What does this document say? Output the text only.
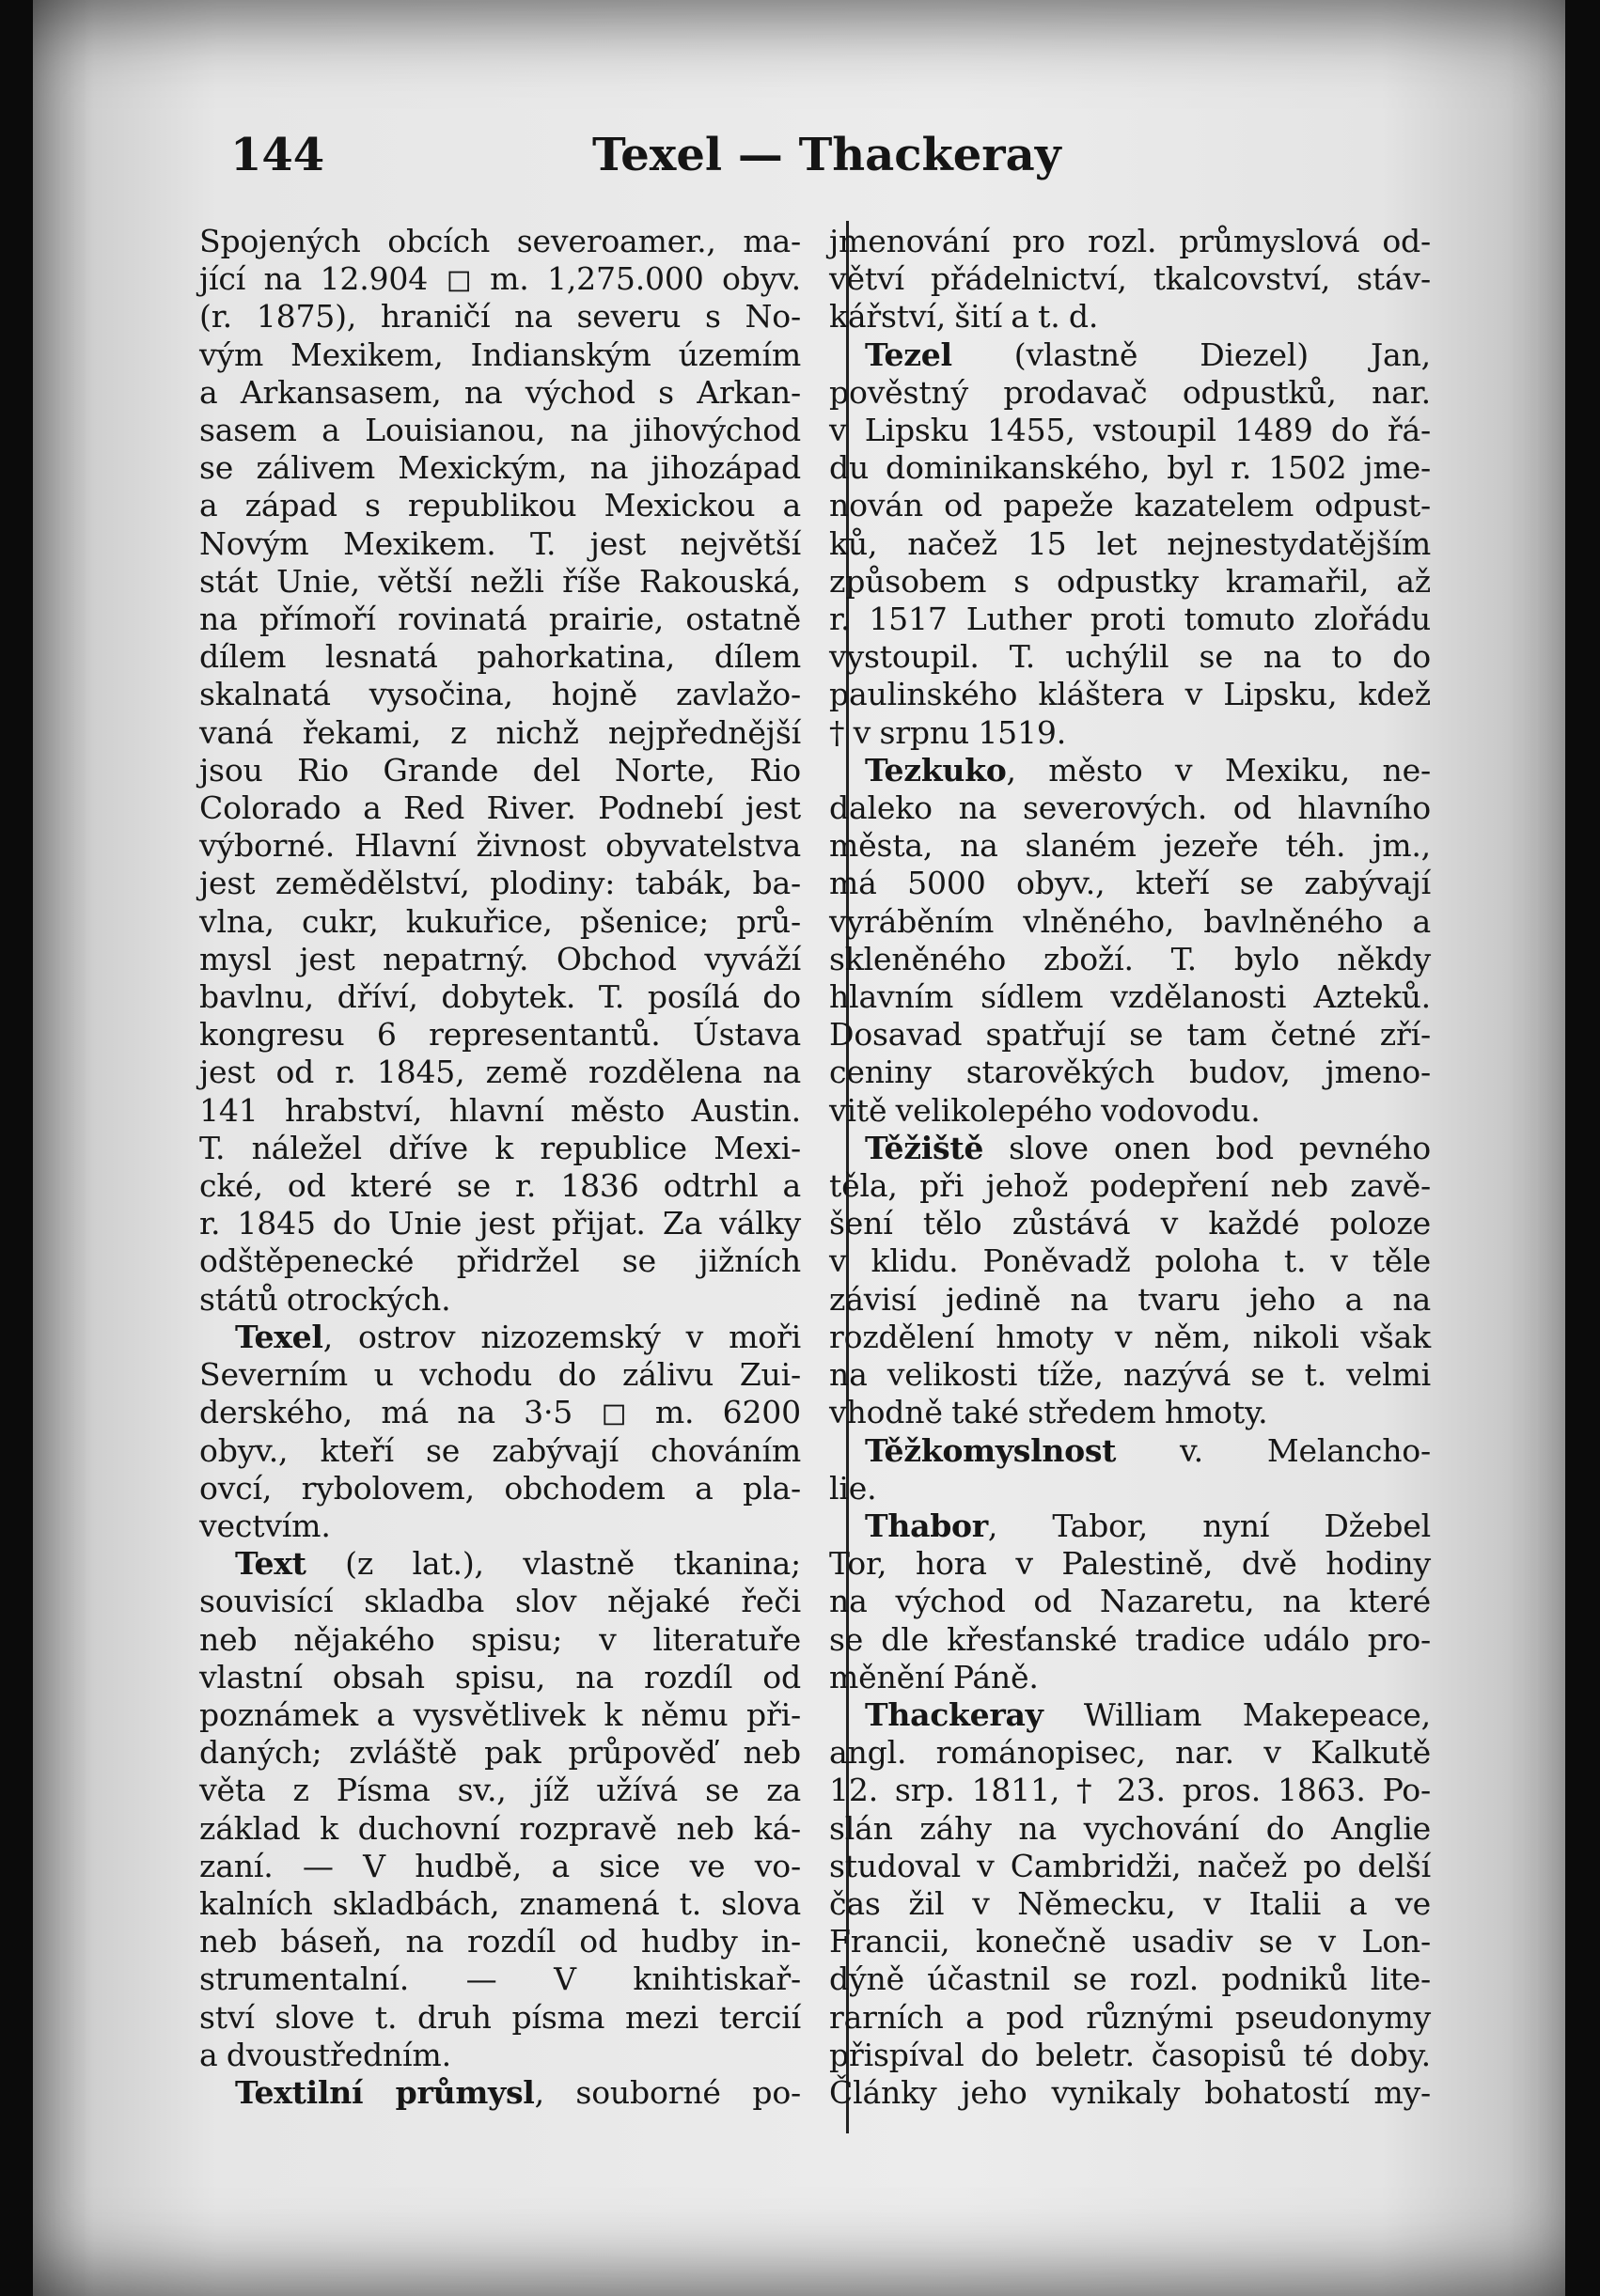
144	Texel — Thackeray
Spojených obcích severoamer., ma-
jící na 12.904 ◻ m. 1,275.000 obyv.
(r. 1875), hraničí na severu s No-
vým Mexikem, Indianským územím
a Arkansasem, na východ s Arkan-
sasem a Louisianou, na jihovýchod
se zálivem Mexickým, na jihozápad
a západ s republikou Mexickou a
Novým Mexikem. T. jest největší
stát Unie, větší nežli říše Rakouská,
na přímoří rovinatá prairie, ostatně
dílem lesnatá pahorkatina, dílem
skalnatá vysočina, hojně zavlažo-
vaná řekami, z nichž nejpřednější
jsou Rio Grande del Norte, Rio
Colorado a Red River. Podnebí jest
výborné. Hlavní živnost obyvatelstva
jest zemědělství, plodiny: tabák, ba-
vlna, cukr, kukuřice, pšenice; prů-
mysl jest nepatrný. Obchod vyváží
bavlnu, dříví, dobytek. T. posílá do
kongresu 6 representantů. Ústava
jest od r. 1845, země rozdělena na
141 hrabství, hlavní město Austin.
T. náležel dříve k republice Mexi-
cké, od které se r. 1836 odtrhl a
r. 1845 do Unie jest přijat. Za války
odštěpenecké přidržel se jižních
států otrockých.
Texel, ostrov nizozemský v moři
Severním u vchodu do zálivu Zui-
derského, má na 3·5 ◻ m. 6200
obyv., kteří se zabývají chováním
ovcí, rybolovem, obchodem a pla-
vectvím.
Text (z lat.), vlastně tkanina;
souvisící skladba slov nějaké řeči
neb nějakého spisu; v literatuře
vlastní obsah spisu, na rozdíl od
poznámek a vysvětlivek k němu při-
daných; zvláště pak průpověď neb
věta z Písma sv., jíž užívá se za
základ k duchovní rozpravě neb ká-
zaní. — V hudbě, a sice ve vo-
kalních skladbách, znamená t. slova
neb báseň, na rozdíl od hudby in-
strumentalní. — V knihtiskař-
ství slove t. druh písma mezi tercií
a dvoustředním.
Textilní průmysl, souborné po-
jmenování pro rozl. průmyslová od-
větví přádelnictví, tkalcovství, stáv-
kářství, šití a t. d.
Tezel (vlastně Diezel) Jan,
pověstný prodavač odpustků, nar.
v Lipsku 1455, vstoupil 1489 do řá-
du dominikanského, byl r. 1502 jme-
nován od papeže kazatelem odpust-
ků, načež 15 let nejnestydatějším
způsobem s odpustky kramařil, až
r. 1517 Luther proti tomuto zlořádu
vystoupil. T. uchýlil se na to do
paulinského kláštera v Lipsku, kdež
† v srpnu 1519.
Tezkuko, město v Mexiku, ne-
daleko na severových. od hlavního
města, na slaném jezeře téh. jm.,
má 5000 obyv., kteří se zabývají
vyráběním vlněného, bavlněného a
skleněného zboží. T. bylo někdy
hlavním sídlem vzdělanosti Azteků.
Dosavad spatřují se tam četné zří-
ceniny starověkých budov, jmeno-
vitě velikolepého vodovodu.
Těžiště slove onen bod pevného
těla, při jehož podepření neb zavě-
šení tělo zůstává v každé poloze
v klidu. Poněvadž poloha t. v těle
závisí jedině na tvaru jeho a na
rozdělení hmoty v něm, nikoli však
na velikosti tíže, nazývá se t. velmi
vhodně také středem hmoty.
Těžkomyslnost v. Melancho-
lie.
Thabor, Tabor, nyní Džebel
Tor, hora v Palestině, dvě hodiny
na východ od Nazaretu, na které
se dle křesťanské tradice událo pro-
měnění Páně.
Thackeray William Makepeace,
angl. románopisec, nar. v Kalkutě
12. srp. 1811, † 23. pros. 1863. Po-
slán záhy na vychování do Anglie
studoval v Cambridži, načež po delší
čas žil v Německu, v Italii a ve
Francii, konečně usadiv se v Lon-
dýně účastnil se rozl. podniků lite-
rarních a pod různými pseudonymy
přispíval do beletr. časopisů té doby.
Články jeho vynikaly bohatostí my-
